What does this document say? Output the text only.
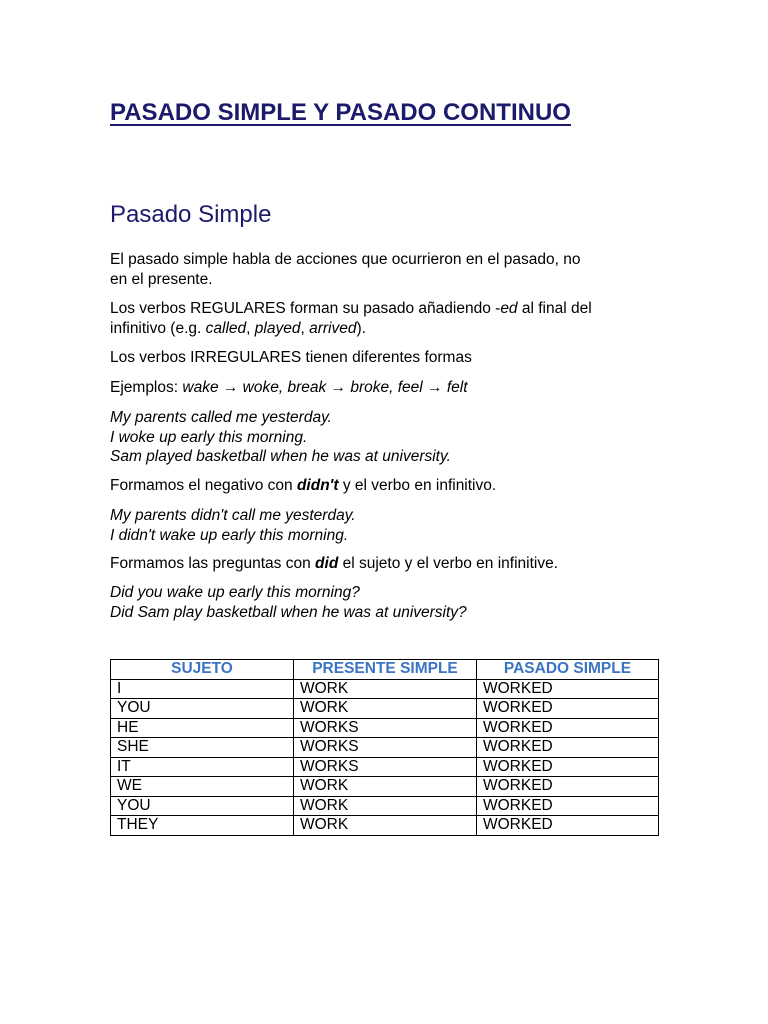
PASADO SIMPLE Y PASADO CONTINUO
Pasado Simple

El pasado simple habla de acciones que ocurrieron en el pasado, no
en el presente.

Los verbos REGULARES forman su pasado añadiendo -ed al final del
infinitivo (e.g. called, played, arrived).

Los verbos IRREGULARES tienen diferentes formas

Ejemplos: wake → woke, break → broke, feel → felt

My parents called me yesterday.
I woke up early this morning.
Sam played basketball when he was at university.

Formamos el negativo con didn't y el verbo en infinitivo.

My parents didn't call me yesterday.
I didn't wake up early this morning.

Formamos las preguntas con did el sujeto y el verbo en infinitive.

Did you wake up early this morning?
Did Sam play basketball when he was at university?

SUJETO	PRESENTE SIMPLE	PASADO SIMPLE
I	WORK	WORKED
YOU	WORK	WORKED
HE	WORKS	WORKED
SHE	WORKS	WORKED
IT	WORKS	WORKED
WE	WORK	WORKED
YOU	WORK	WORKED
THEY	WORK	WORKED
